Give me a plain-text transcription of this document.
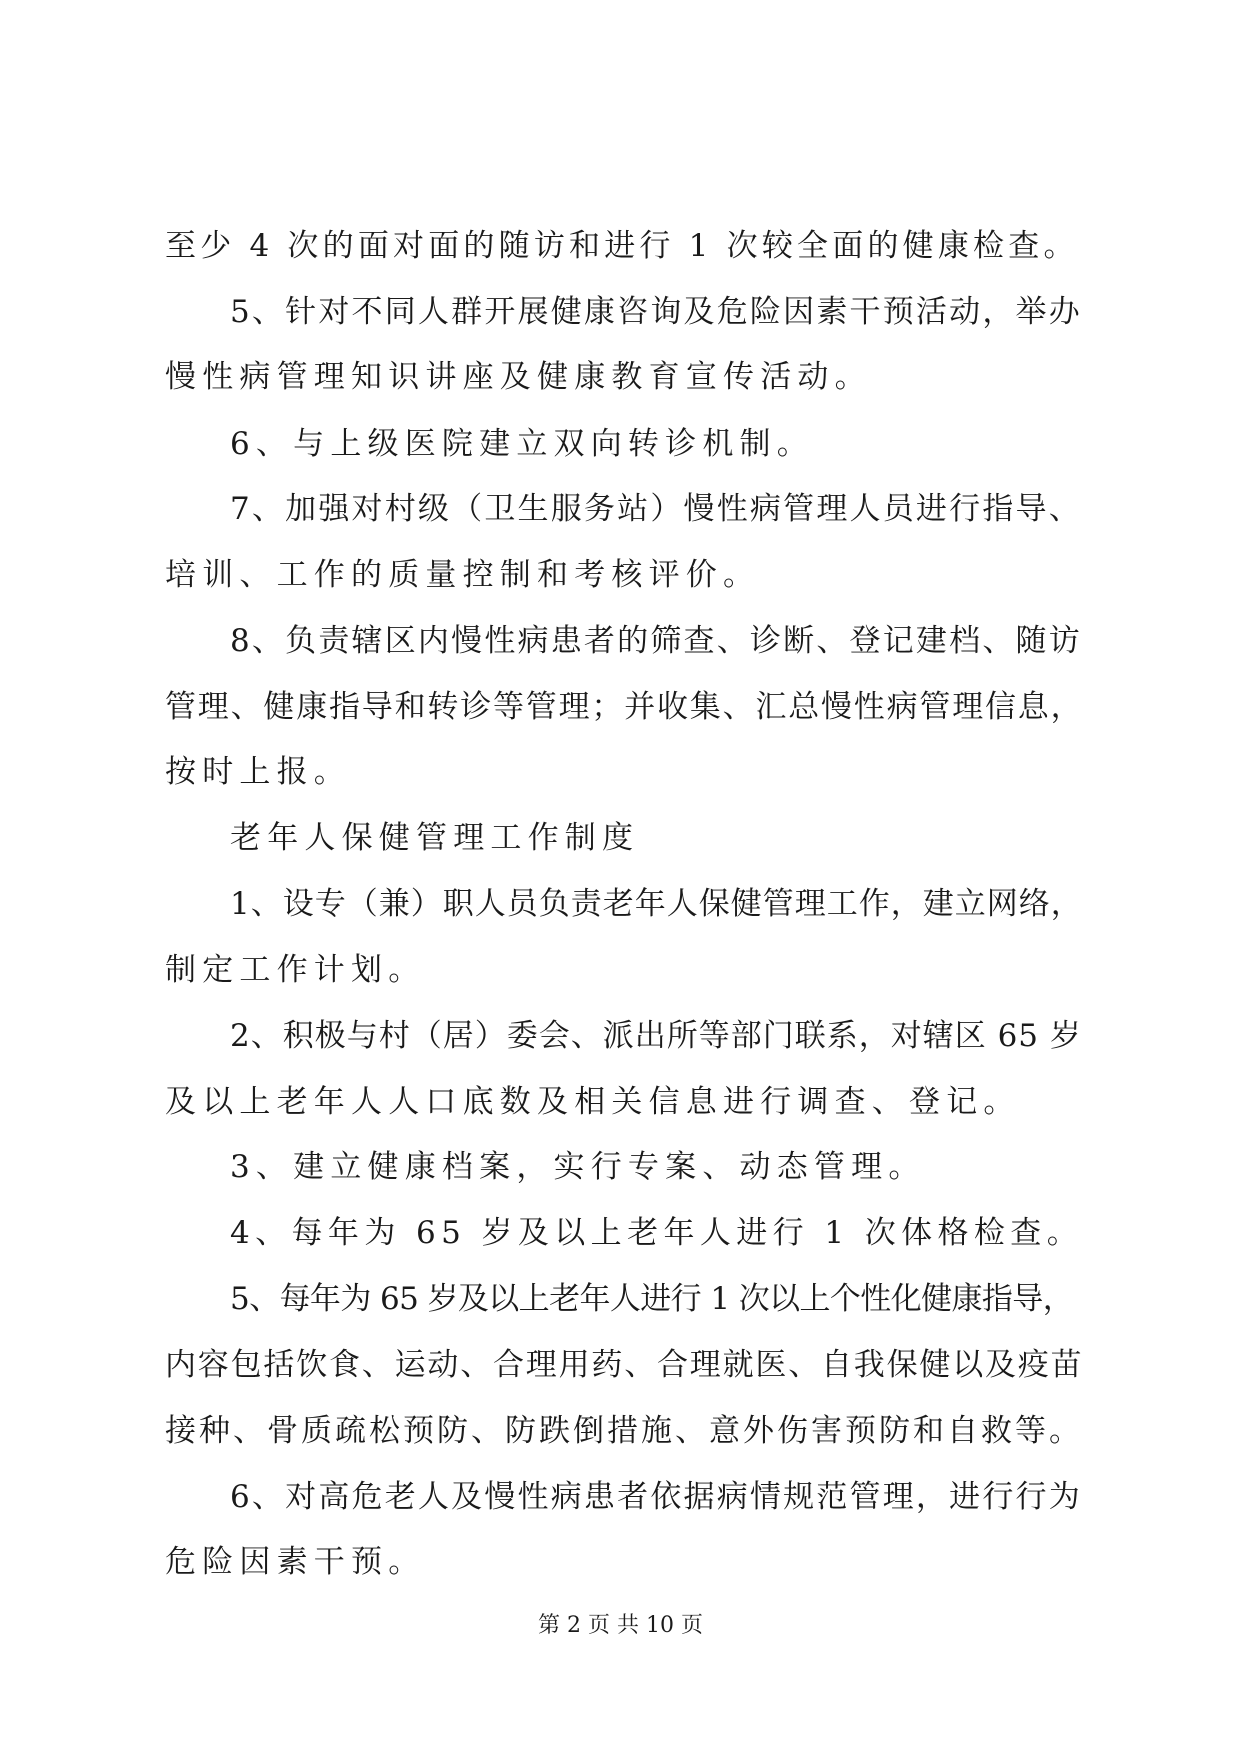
至少 4 次的面对面的随访和进行 1 次较全面的健康检查。
5、针对不同人群开展健康咨询及危险因素干预活动，举办
慢性病管理知识讲座及健康教育宣传活动。
6、与上级医院建立双向转诊机制。
7、加强对村级（卫生服务站）慢性病管理人员进行指导、
培训、工作的质量控制和考核评价。
8、负责辖区内慢性病患者的筛查、诊断、登记建档、随访
管理、健康指导和转诊等管理；并收集、汇总慢性病管理信息，
按时上报。
老年人保健管理工作制度
1、设专（兼）职人员负责老年人保健管理工作，建立网络，
制定工作计划。
2、积极与村（居）委会、派出所等部门联系，对辖区 65 岁
及以上老年人人口底数及相关信息进行调查、登记。
3、建立健康档案，实行专案、动态管理。
4、每年为 65 岁及以上老年人进行 1 次体格检查。
5、每年为 65 岁及以上老年人进行 1 次以上个性化健康指导，
内容包括饮食、运动、合理用药、合理就医、自我保健以及疫苗
接种、骨质疏松预防、防跌倒措施、意外伤害预防和自救等。
6、对高危老人及慢性病患者依据病情规范管理，进行行为
危险因素干预。
第 2 页 共 10 页
